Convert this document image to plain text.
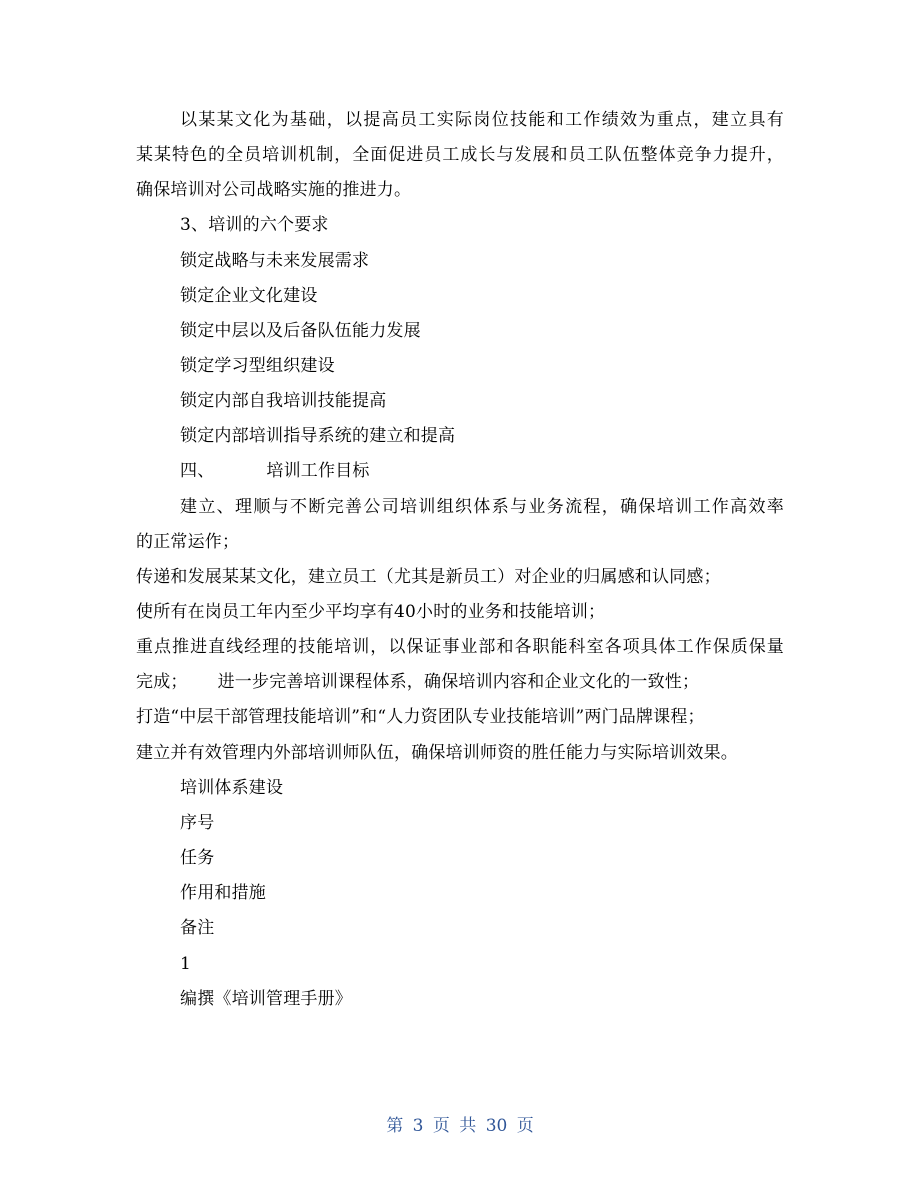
以某某文化为基础，以提高员工实际岗位技能和工作绩效为重点，建立具有
某某特色的全员培训机制，全面促进员工成长与发展和员工队伍整体竞争力提升，
确保培训对公司战略实施的推进力。
3、培训的六个要求
锁定战略与未来发展需求
锁定企业文化建设
锁定中层以及后备队伍能力发展
锁定学习型组织建设
锁定内部自我培训技能提高
锁定内部培训指导系统的建立和提高
四、	培训工作目标
建立、理顺与不断完善公司培训组织体系与业务流程，确保培训工作高效率
的正常运作；
传递和发展某某文化，建立员工（尤其是新员工）对企业的归属感和认同感；
使所有在岗员工年内至少平均享有40小时的业务和技能培训；
重点推进直线经理的技能培训，以保证事业部和各职能科室各项具体工作保质保量
完成； 进一步完善培训课程体系，确保培训内容和企业文化的一致性；
打造“中层干部管理技能培训”和“人力资团队专业技能培训”两门品牌课程；
建立并有效管理内外部培训师队伍，确保培训师资的胜任能力与实际培训效果。
培训体系建设
序号
任务
作用和措施
备注
1
编撰《培训管理手册》
第 3 页 共 30 页
